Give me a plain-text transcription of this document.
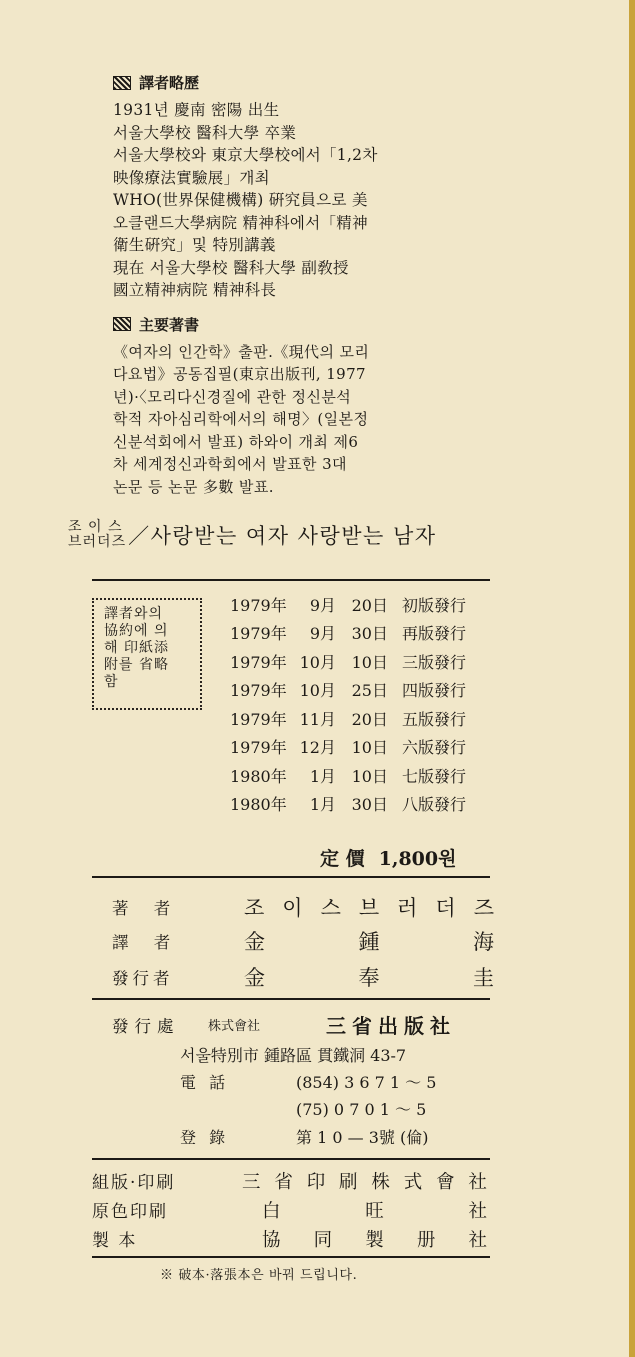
譯者略歷
1931년 慶南 密陽 出生
서울大學校 醫科大學 卒業
서울大學校와 東京大學校에서「1,2차
映像療法實驗展」개최
WHO(世界保健機構) 硏究員으로 美
오클랜드大學病院 精神科에서「精神
衛生硏究」및 特別講義
現在 서울大學校 醫科大學 副敎授
國立精神病院 精神科長
主要著書
《여자의 인간학》출판.《現代의 모리
다요법》공동집필(東京出版刊, 1977
년)·〈모리다신경질에 관한 정신분석
학적 자아심리학에서의 해명〉(일본정
신분석회에서 발표) 하와이 개최 제6
차 세계정신과학회에서 발표한 3대
논문 등 논문 多數 발표.
조 이 스
브러더즈 ／사랑받는 여자 사랑받는 남자
譯者와의
協約에 의
해 印紙添
附를 省略
함
1979年	9月 20日 初版發行
1979年	9月 30日 再版發行
1979年 10月 10日 三版發行
1979年 10月 25日 四版發行
1979年 11月 20日 五版發行
1979年 12月 10日 六版發行
1980年	1月 10日 七版發行
1980年	1月 30日 八版發行
定 價 1,800원
著 者	조 이 스 브 러 더 즈
譯 者	金	鍾	海
發行者	金	奉	圭
發行處	株式會社	三省出版社
서울特別市 鍾路區 貫鐵洞 43-7
電 話	(854) 3 6 7 1 ～ 5
(75) 0 7 0 1 ～ 5
登 錄	第 1 0 — 3號 (倫)
組版·印刷	三 省 印 刷 株 式 會 社
原色印刷	白	旺	社
製 本	協 同 製 册 社
※ 破本·落張本은 바꿔 드립니다.
